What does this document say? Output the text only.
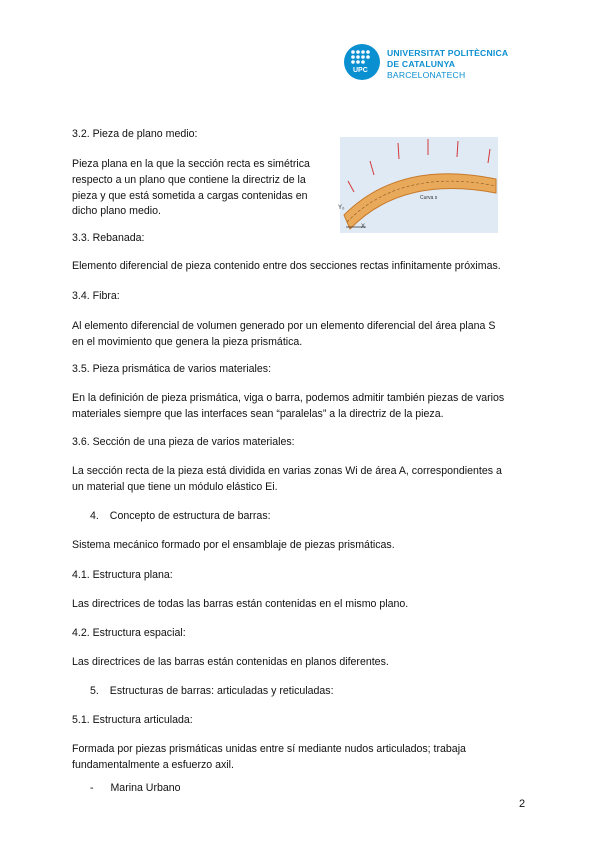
UPC
UNIVERSITAT POLITÈCNICA
DE CATALUNYA
BARCELONATECH
3.2. Pieza de plano medio:
Pieza plana en la que la sección recta es simétrica
respecto a un plano que contiene la directriz de la
pieza y que está sometida a cargas contenidas en
dicho plano medio.	Y₀
X
Curva s
3.3. Rebanada:
Elemento diferencial de pieza contenido entre dos secciones rectas infinitamente próximas.
3.4. Fibra:
Al elemento diferencial de volumen generado por un elemento diferencial del área plana S
en el movimiento que genera la pieza prismática.
3.5. Pieza prismática de varios materiales:
En la definición de pieza prismática, viga o barra, podemos admitir también piezas de varios
materiales siempre que las interfaces sean “paralelas” a la directriz de la pieza.
3.6. Sección de una pieza de varios materiales:
La sección recta de la pieza está dividida en varias zonas Wi de área A, correspondientes a
un material que tiene un módulo elástico Ei.
4. Concepto de estructura de barras:
Sistema mecánico formado por el ensamblaje de piezas prismáticas.
4.1. Estructura plana:
Las directrices de todas las barras están contenidas en el mismo plano.
4.2. Estructura espacial:
Las directrices de las barras están contenidas en planos diferentes.
5. Estructuras de barras: articuladas y reticuladas:
5.1. Estructura articulada:
Formada por piezas prismáticas unidas entre sí mediante nudos articulados; trabaja
fundamentalmente a esfuerzo axil.
- Marina Urbano
2
